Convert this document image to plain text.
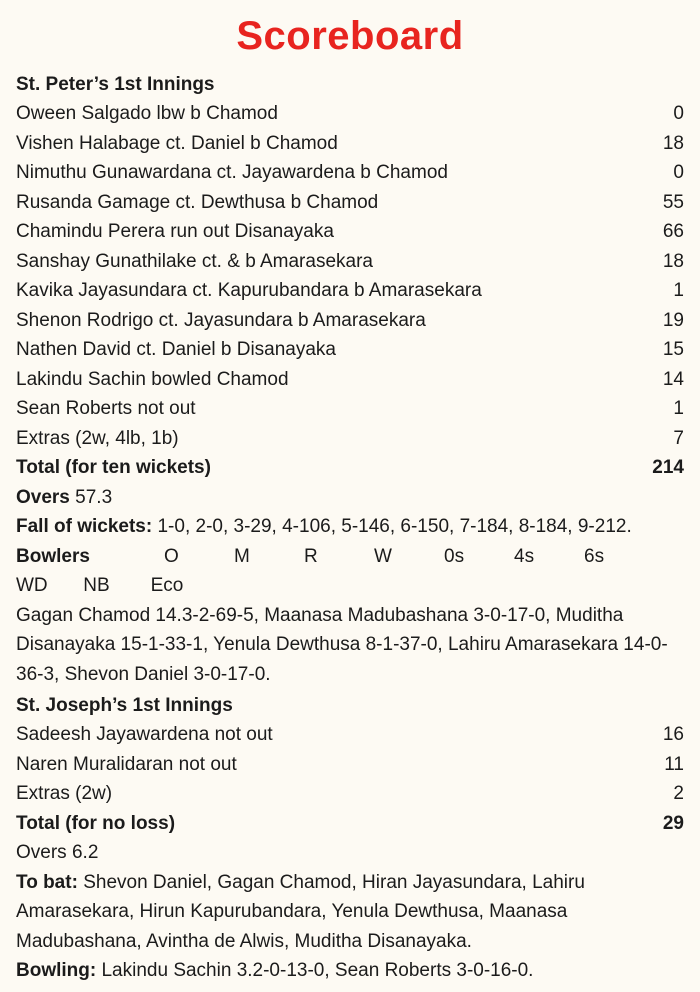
Scoreboard
St. Peter’s 1st Innings
Oween Salgado lbw b Chamod	0
Vishen Halabage ct. Daniel b Chamod	18
Nimuthu Gunawardana ct. Jayawardena b Chamod	0
Rusanda Gamage ct. Dewthusa b Chamod	55
Chamindu Perera run out Disanayaka	66
Sanshay Gunathilake ct. & b Amarasekara	18
Kavika Jayasundara ct. Kapurubandara b Amarasekara	1
Shenon Rodrigo ct. Jayasundara b Amarasekara	19
Nathen David ct. Daniel b Disanayaka	15
Lakindu Sachin bowled Chamod	14
Sean Roberts not out	1
Extras (2w, 4lb, 1b)	7
Total (for ten wickets)	214
Overs 57.3
Fall of wickets: 1-0, 2-0, 3-29, 4-106, 5-146, 6-150, 7-184, 8-184, 9-212.
Bowlers	O	M	R	W	0s	4s	6s
WD NB Eco
Gagan Chamod 14.3-2-69-5, Maanasa Madubashana 3-0-17-0, Muditha Disanayaka 15-1-33-1, Yenula Dewthusa 8-1-37-0, Lahiru Amarasekara 14-0-36-3, Shevon Daniel 3-0-17-0.
St. Joseph’s 1st Innings
Sadeesh Jayawardena not out	16
Naren Muralidaran not out	11
Extras (2w)	2
Total (for no loss)	29
Overs 6.2
To bat: Shevon Daniel, Gagan Chamod, Hiran Jayasundara, Lahiru Amarasekara, Hirun Kapurubandara, Yenula Dewthusa, Maanasa Madubashana, Avintha de Alwis, Muditha Disanayaka.
Bowling: Lakindu Sachin 3.2-0-13-0, Sean Roberts 3-0-16-0.
